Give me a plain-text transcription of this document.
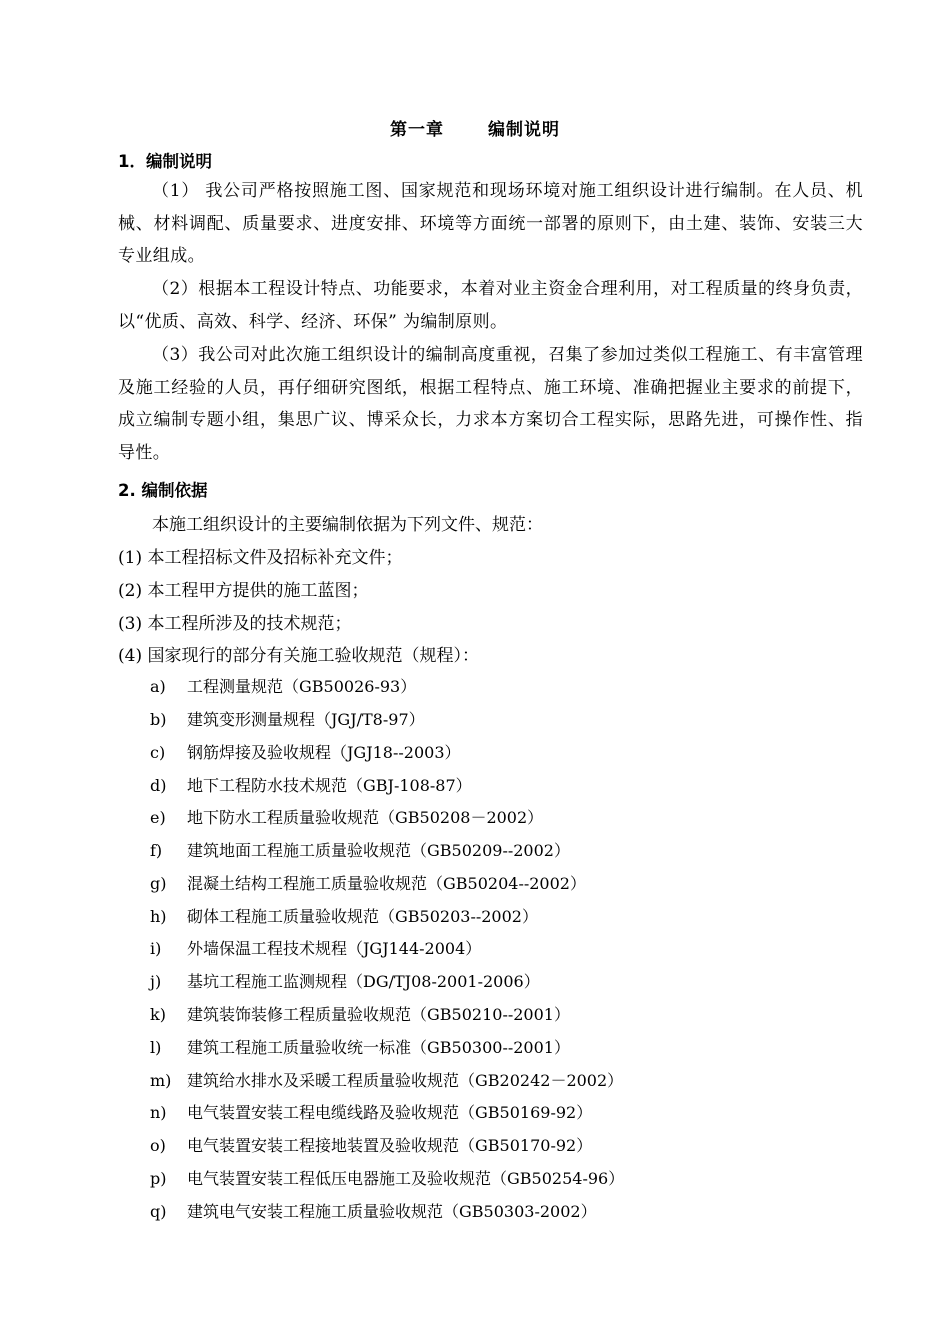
第一章	编制说明
1．编制说明

（1） 我公司严格按照施工图、国家规范和现场环境对施工组织设计进行编制。在人员、机械、材料调配、质量要求、进度安排、环境等方面统一部署的原则下，由土建、装饰、安装三大专业组成。

（2）根据本工程设计特点、功能要求，本着对业主资金合理利用，对工程质量的终身负责，以“优质、高效、科学、经济、环保” 为编制原则。

（3）我公司对此次施工组织设计的编制高度重视，召集了参加过类似工程施工、有丰富管理及施工经验的人员，再仔细研究图纸，根据工程特点、施工环境、准确把握业主要求的前提下，成立编制专题小组，集思广议、博采众长，力求本方案切合工程实际，思路先进，可操作性、指导性。

2. 编制依据
本施工组织设计的主要编制依据为下列文件、规范：
(1) 本工程招标文件及招标补充文件；
(2) 本工程甲方提供的施工蓝图；
(3) 本工程所涉及的技术规范；
(4) 国家现行的部分有关施工验收规范（规程）：
a) 工程测量规范（GB50026-93）
b) 建筑变形测量规程（JGJ/T8-97）
c) 钢筋焊接及验收规程（JGJ18--2003）
d) 地下工程防水技术规范（GBJ-108-87）
e) 地下防水工程质量验收规范（GB50208－2002）
f) 建筑地面工程施工质量验收规范（GB50209--2002）
g) 混凝土结构工程施工质量验收规范（GB50204--2002）
h) 砌体工程施工质量验收规范（GB50203--2002）
i) 外墙保温工程技术规程（JGJ144-2004）
j) 基坑工程施工监测规程（DG/TJ08-2001-2006）
k) 建筑装饰装修工程质量验收规范（GB50210--2001）
l) 建筑工程施工质量验收统一标准（GB50300--2001）
m) 建筑给水排水及采暖工程质量验收规范（GB20242－2002）
n) 电气装置安装工程电缆线路及验收规范（GB50169-92）
o) 电气装置安装工程接地装置及验收规范（GB50170-92）
p) 电气装置安装工程低压电器施工及验收规范（GB50254-96）
q) 建筑电气安装工程施工质量验收规范（GB50303-2002）
